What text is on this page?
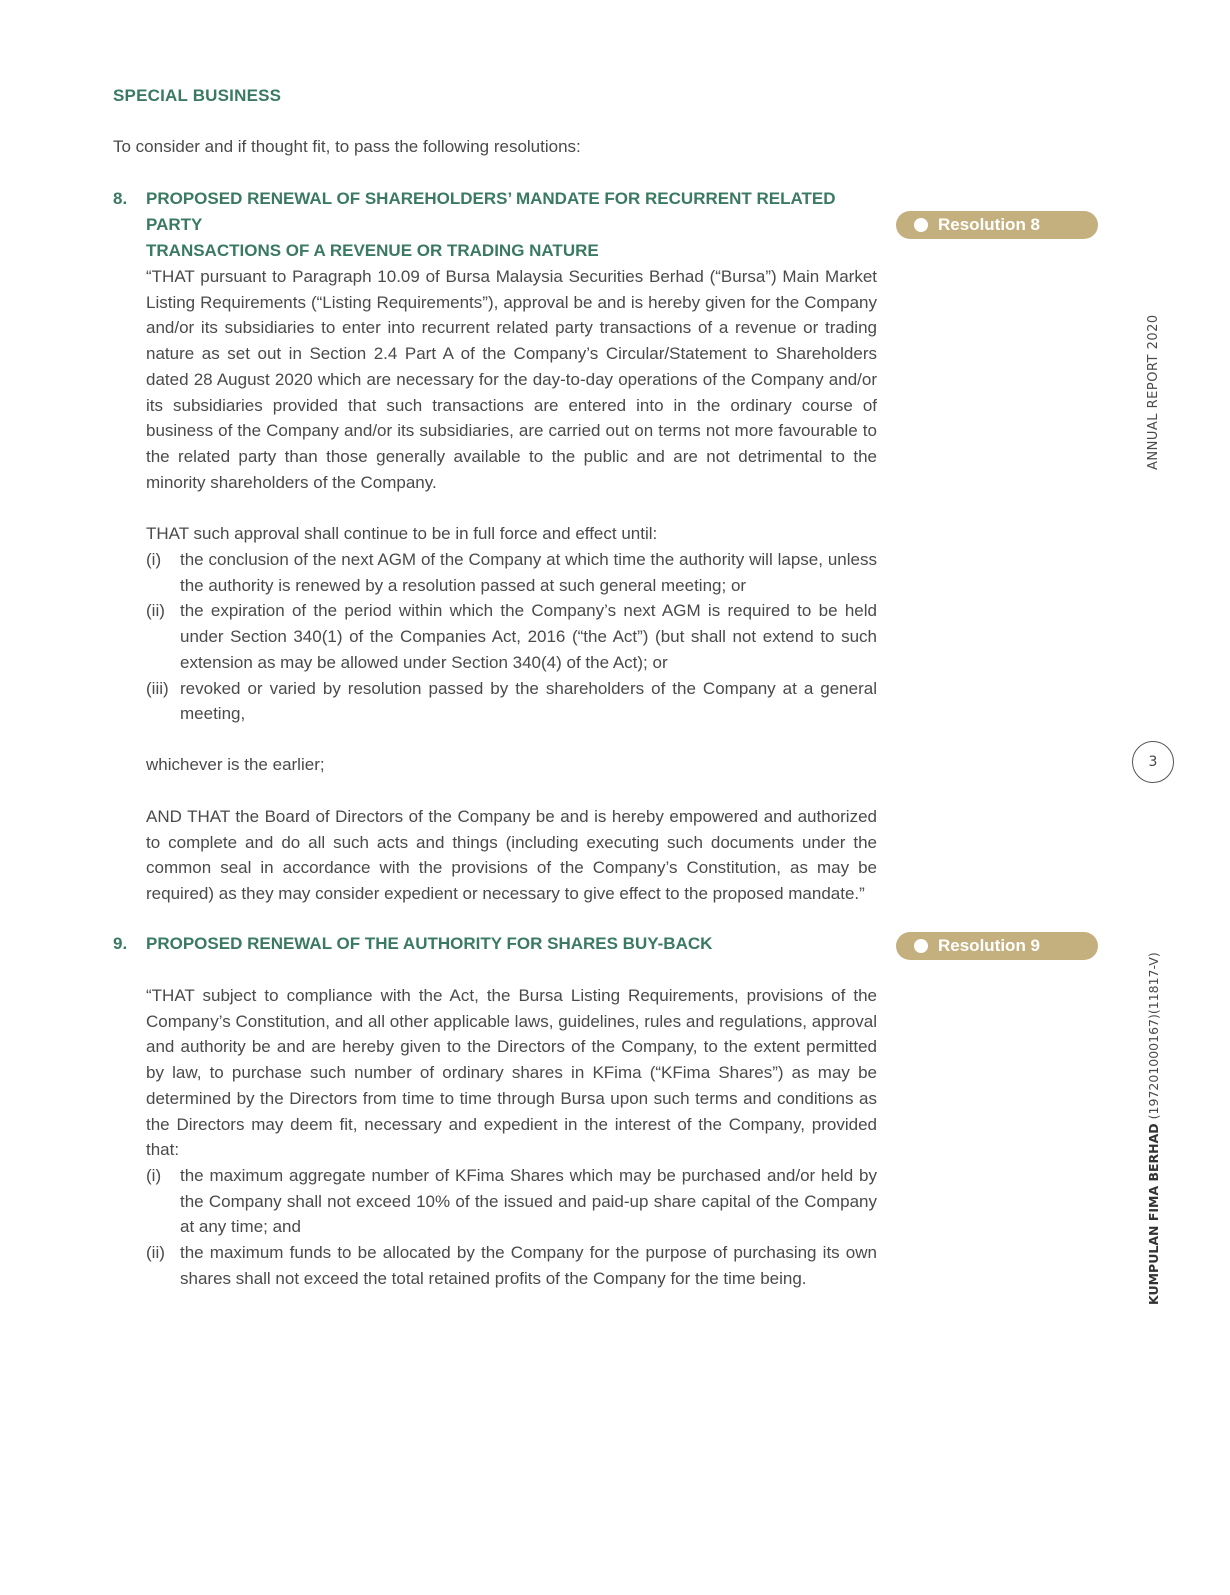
SPECIAL BUSINESS
To consider and if thought fit, to pass the following resolutions:
8. PROPOSED RENEWAL OF SHAREHOLDERS’ MANDATE FOR RECURRENT RELATED PARTY
TRANSACTIONS OF A REVENUE OR TRADING NATURE
Resolution 8

“THAT pursuant to Paragraph 10.09 of Bursa Malaysia Securities Berhad (“Bursa”) Main Market Listing Requirements (“Listing Requirements”), approval be and is hereby given for the Company and/or its subsidiaries to enter into recurrent related party transactions of a revenue or trading nature as set out in Section 2.4 Part A of the Company’s Circular/Statement to Shareholders dated 28 August 2020 which are necessary for the day-to-day operations of the Company and/or its subsidiaries provided that such transactions are entered into in the ordinary course of business of the Company and/or its subsidiaries, are carried out on terms not more favourable to the related party than those generally available to the public and are not detrimental to the minority shareholders of the Company.

THAT such approval shall continue to be in full force and effect until:

(i) the conclusion of the next AGM of the Company at which time the authority will lapse, unless the authority is renewed by a resolution passed at such general meeting; or
(ii) the expiration of the period within which the Company’s next AGM is required to be held under Section 340(1) of the Companies Act, 2016 (“the Act”) (but shall not extend to such extension as may be allowed under Section 340(4) of the Act); or
(iii) revoked or varied by resolution passed by the shareholders of the Company at a general meeting,

whichever is the earlier;

AND THAT the Board of Directors of the Company be and is hereby empowered and authorized to complete and do all such acts and things (including executing such documents under the common seal in accordance with the provisions of the Company’s Constitution, as may be required) as they may consider expedient or necessary to give effect to the proposed mandate.”

9. PROPOSED RENEWAL OF THE AUTHORITY FOR SHARES BUY-BACK	Resolution 9

“THAT subject to compliance with the Act, the Bursa Listing Requirements, provisions of the Company’s Constitution, and all other applicable laws, guidelines, rules and regulations, approval and authority be and are hereby given to the Directors of the Company, to the extent permitted by law, to purchase such number of ordinary shares in KFima (“KFima Shares”) as may be determined by the Directors from time to time through Bursa upon such terms and conditions as the Directors may deem fit, necessary and expedient in the interest of the Company, provided that:

(i) the maximum aggregate number of KFima Shares which may be purchased and/or held by the Company shall not exceed 10% of the issued and paid-up share capital of the Company at any time; and
(ii) the maximum funds to be allocated by the Company for the purpose of purchasing its own shares shall not exceed the total retained profits of the Company for the time being.
ANNUAL REPORT 2020
3
KUMPULAN FIMA BERHAD (197201000167)(11817-V)
